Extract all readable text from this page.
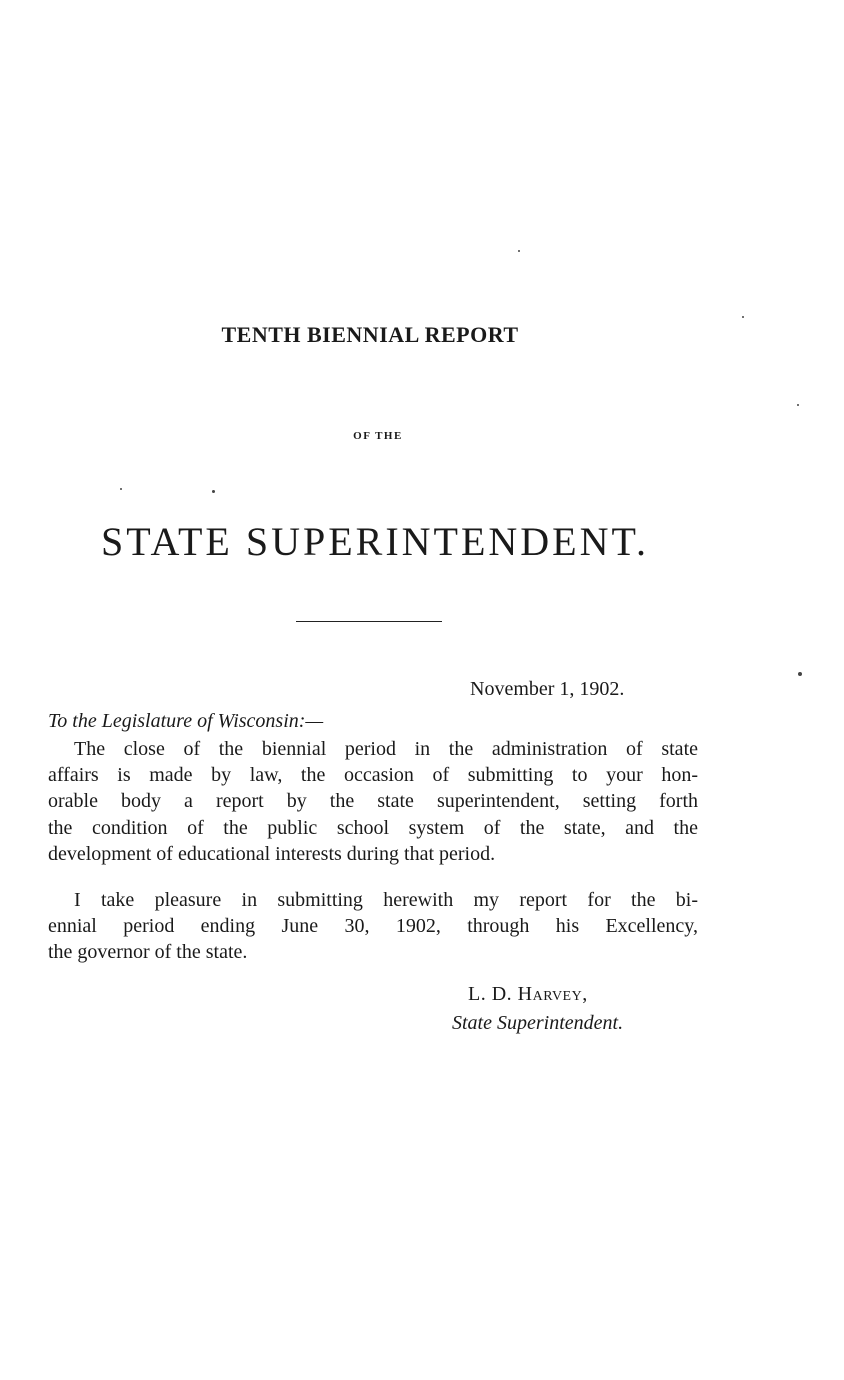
TENTH BIENNIAL REPORT
OF THE
STATE SUPERINTENDENT.

November 1, 1902.

To the Legislature of Wisconsin:—

The close of the biennial period in the administration of state
affairs is made by law, the occasion of submitting to your hon-
orable body a report by the state superintendent, setting forth
the condition of the public school system of the state, and the
development of educational interests during that period.

I take pleasure in submitting herewith my report for the bi-
ennial period ending June 30, 1902, through his Excellency,
the governor of the state.

L. D. Harvey,

State Superintendent.
